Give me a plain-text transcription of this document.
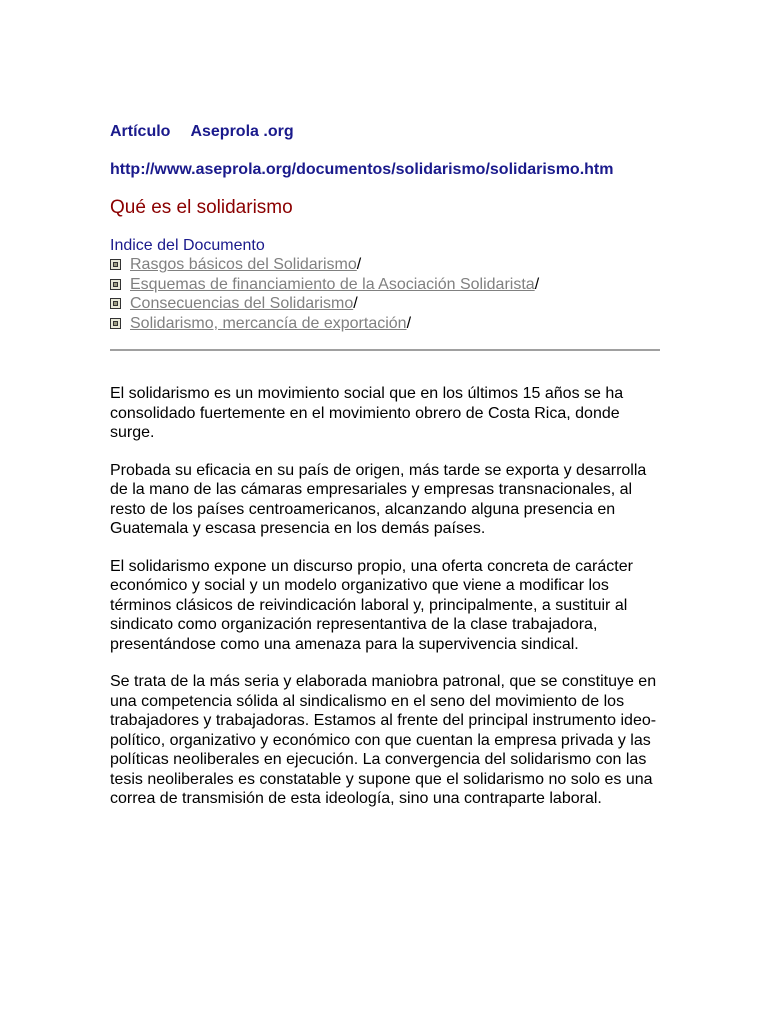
Artículo Aseprola .org
http://www.aseprola.org/documentos/solidarismo/solidarismo.htm
Qué es el solidarismo
Indice del Documento
Rasgos básicos del Solidarismo /
Esquemas de financiamiento de la Asociación Solidarista /
Consecuencias del Solidarismo /
Solidarismo, mercancía de exportación /

El solidarismo es un movimiento social que en los últimos 15 años se ha consolidado fuertemente en el movimiento obrero de Costa Rica, donde surge.

Probada su eficacia en su país de origen, más tarde se exporta y desarrolla de la mano de las cámaras empresariales y empresas transnacionales, al resto de los países centroamericanos, alcanzando alguna presencia en Guatemala y escasa presencia en los demás países.

El solidarismo expone un discurso propio, una oferta concreta de carácter económico y social y un modelo organizativo que viene a modificar los términos clásicos de reivindicación laboral y, principalmente, a sustituir al sindicato como organización representantiva de la clase trabajadora, presentándose como una amenaza para la supervivencia sindical.

Se trata de la más seria y elaborada maniobra patronal, que se constituye en una competencia sólida al sindicalismo en el seno del movimiento de los trabajadores y trabajadoras. Estamos al frente del principal instrumento ideo-político, organizativo y económico con que cuentan la empresa privada y las políticas neoliberales en ejecución. La convergencia del solidarismo con las tesis neoliberales es constatable y supone que el solidarismo no solo es una correa de transmisión de esta ideología, sino una contraparte laboral.
